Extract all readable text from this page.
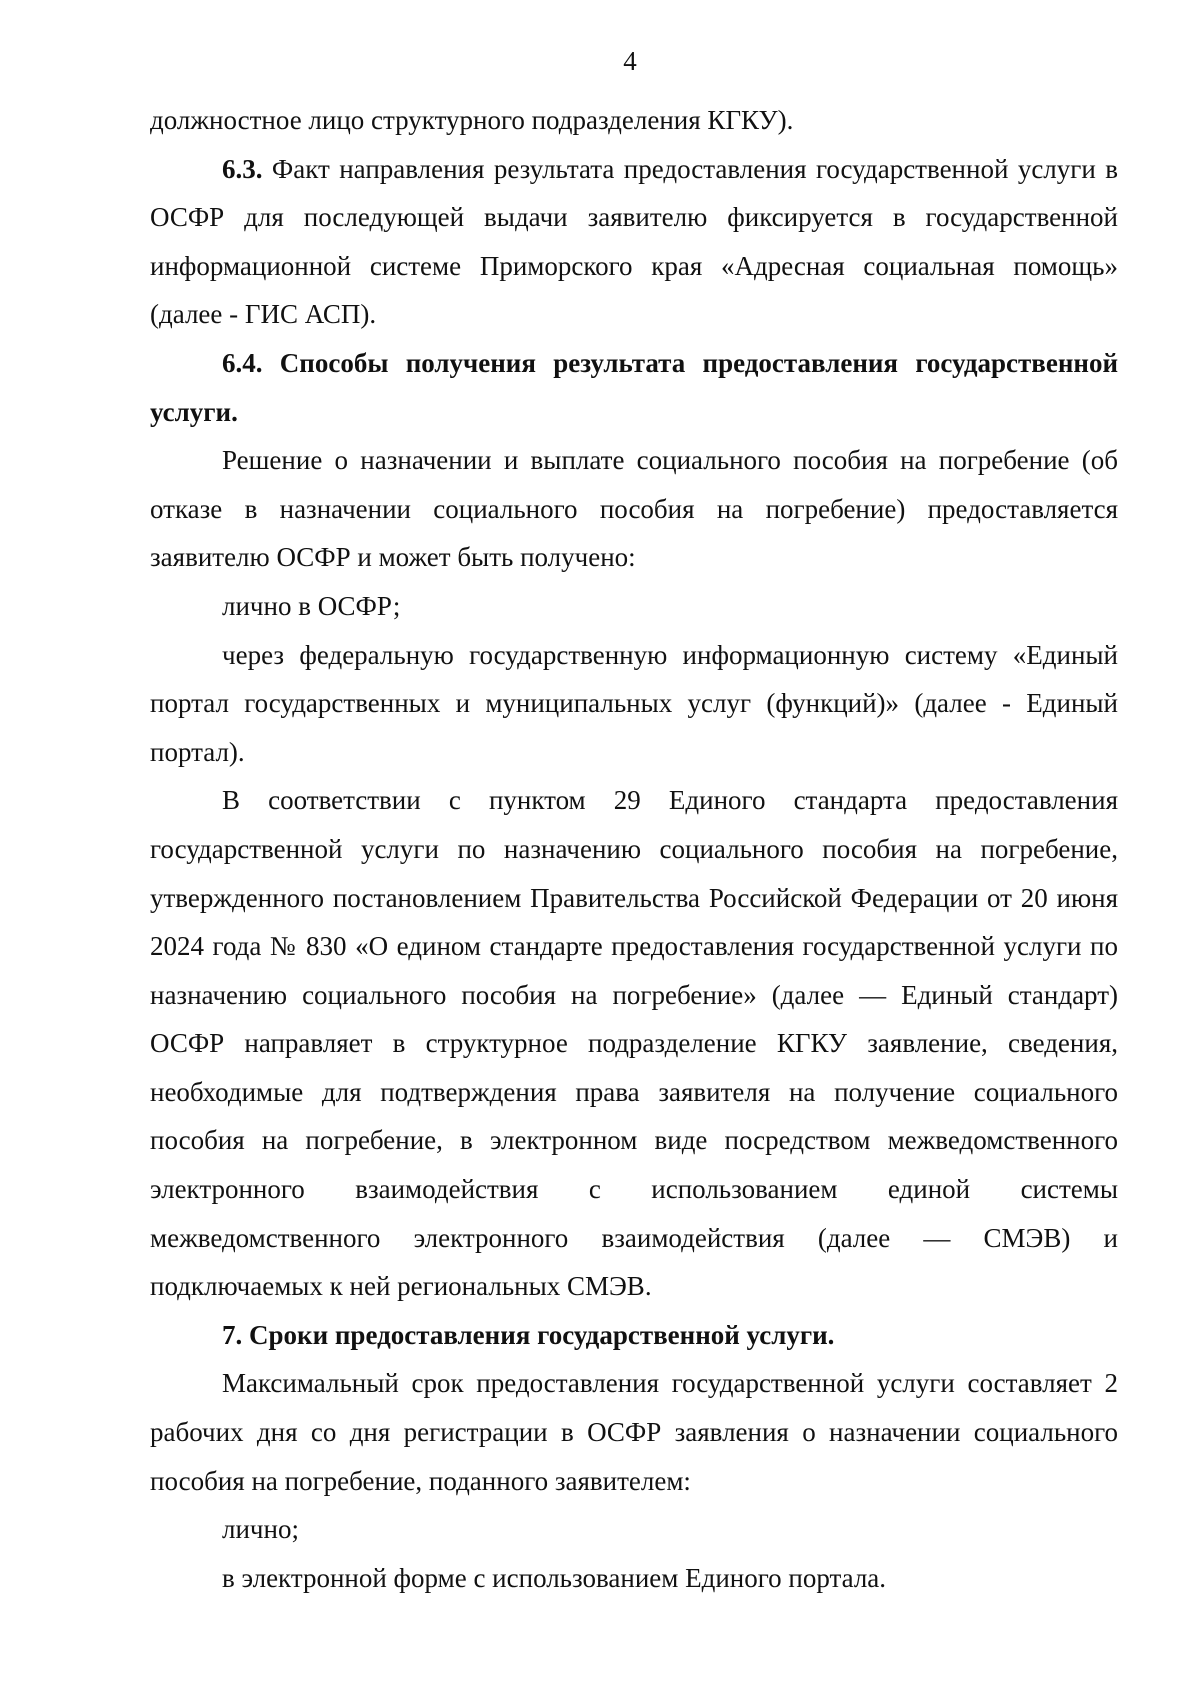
4

должностное лицо структурного подразделения КГКУ).

6.3. Факт направления результата предоставления государственной услуги в ОСФР для последующей выдачи заявителю фиксируется в государственной информационной системе Приморского края «Адресная социальная помощь» (далее - ГИС АСП).

6.4. Способы получения результата предоставления государственной услуги.

Решение о назначении и выплате социального пособия на погребение (об отказе в назначении социального пособия на погребение) предоставляется заявителю ОСФР и может быть получено:

лично в ОСФР;

через федеральную государственную информационную систему «Единый портал государственных и муниципальных услуг (функций)» (далее - Единый портал).

В соответствии с пунктом 29 Единого стандарта предоставления государственной услуги по назначению социального пособия на погребение, утвержденного постановлением Правительства Российской Федерации от 20 июня 2024 года № 830 «О едином стандарте предоставления государственной услуги по назначению социального пособия на погребение» (далее — Единый стандарт) ОСФР направляет в структурное подразделение КГКУ заявление, сведения, необходимые для подтверждения права заявителя на получение социального пособия на погребение, в электронном виде посредством межведомственного электронного взаимодействия с использованием единой системы межведомственного электронного взаимодействия (далее — СМЭВ) и подключаемых к ней региональных СМЭВ.

7. Сроки предоставления государственной услуги.

Максимальный срок предоставления государственной услуги составляет 2 рабочих дня со дня регистрации в ОСФР заявления о назначении социального пособия на погребение, поданного заявителем:

лично;

в электронной форме с использованием Единого портала.
